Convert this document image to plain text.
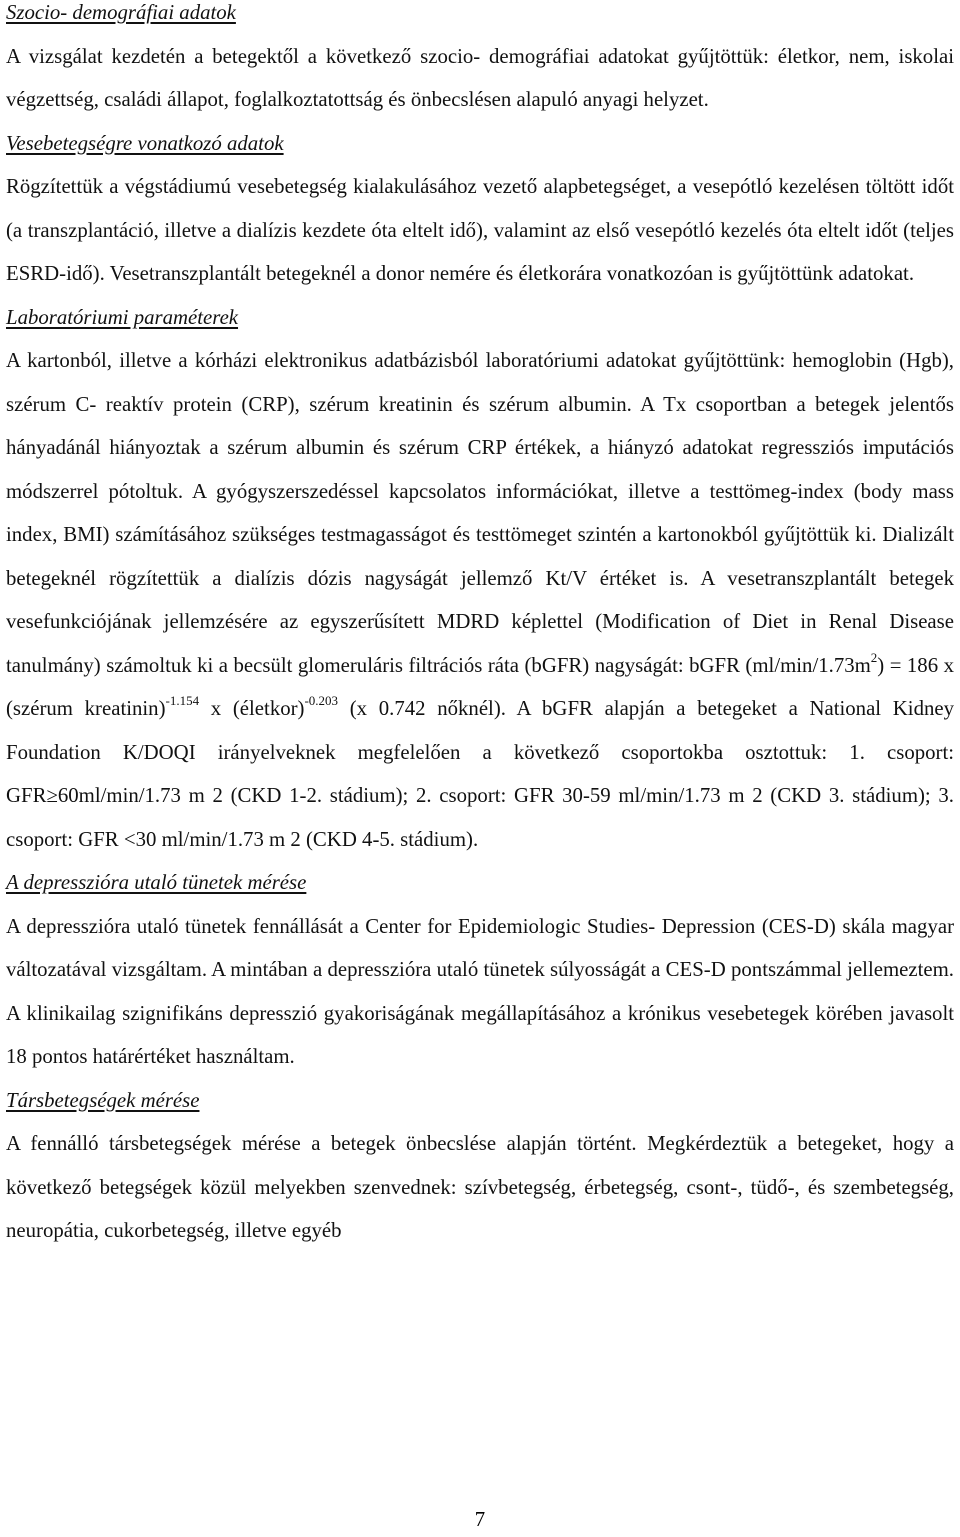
Szocio- demográfiai adatok

A vizsgálat kezdetén a betegektől a következő szocio- demográfiai adatokat gyűjtöttük: életkor, nem, iskolai végzettség, családi állapot, foglalkoztatottság és önbecslésen alapuló anyagi helyzet.

Vesebetegségre vonatkozó adatok

Rögzítettük a végstádiumú vesebetegség kialakulásához vezető alapbetegséget, a vesepótló kezelésen töltött időt (a transzplantáció, illetve a dialízis kezdete óta eltelt idő), valamint az első vesepótló kezelés óta eltelt időt (teljes ESRD-idő). Vesetranszplantált betegeknél a donor nemére és életkorára vonatkozóan is gyűjtöttünk adatokat.

Laboratóriumi paraméterek

A kartonból, illetve a kórházi elektronikus adatbázisból laboratóriumi adatokat gyűjtöttünk: hemoglobin (Hgb), szérum C- reaktív protein (CRP), szérum kreatinin és szérum albumin. A Tx csoportban a betegek jelentős hányadánál hiányoztak a szérum albumin és szérum CRP értékek, a hiányzó adatokat regressziós imputációs módszerrel pótoltuk. A gyógyszerszedéssel kapcsolatos információkat, illetve a testtömeg-index (body mass index, BMI) számításához szükséges testmagasságot és testtömeget szintén a kartonokból gyűjtöttük ki. Dializált betegeknél rögzítettük a dialízis dózis nagyságát jellemző Kt/V értéket is. A vesetranszplantált betegek vesefunkciójának jellemzésére az egyszerűsített MDRD képlettel (Modification of Diet in Renal Disease tanulmány) számoltuk ki a becsült glomeruláris filtrációs ráta (bGFR) nagyságát: bGFR $(ml/\min/1.73m^2) = 186$ x (szérum kreatinin)$^{-1.154}$ x (életkor)$^{-0.203}$ (x 0.742 nőknél). A bGFR alapján a betegeket a National Kidney Foundation K/DOQI irányelveknek megfelelően a következő csoportokba osztottuk: 1. csoport: GFR≥60ml/min/1.73 m 2 (CKD 1-2. stádium); 2. csoport: GFR 30-59 ml/min/1.73 m 2 (CKD 3. stádium); 3. csoport: GFR <30 ml/min/1.73 m 2 (CKD 4-5. stádium).

A depresszióra utaló tünetek mérése

A depresszióra utaló tünetek fennállását a Center for Epidemiologic Studies- Depression (CES-D) skála magyar változatával vizsgáltam. A mintában a depresszióra utaló tünetek súlyosságát a CES-D pontszámmal jellemeztem. A klinikailag szignifikáns depresszió gyakoriságának megállapításához a krónikus vesebetegek körében javasolt 18 pontos határértéket használtam.

Társbetegségek mérése

A fennálló társbetegségek mérése a betegek önbecslése alapján történt. Megkérdeztük a betegeket, hogy a következő betegségek közül melyekben szenvednek: szívbetegség, érbetegség, csont-, tüdő-, és szembetegség, neuropátia, cukorbetegség, illetve egyéb

7
